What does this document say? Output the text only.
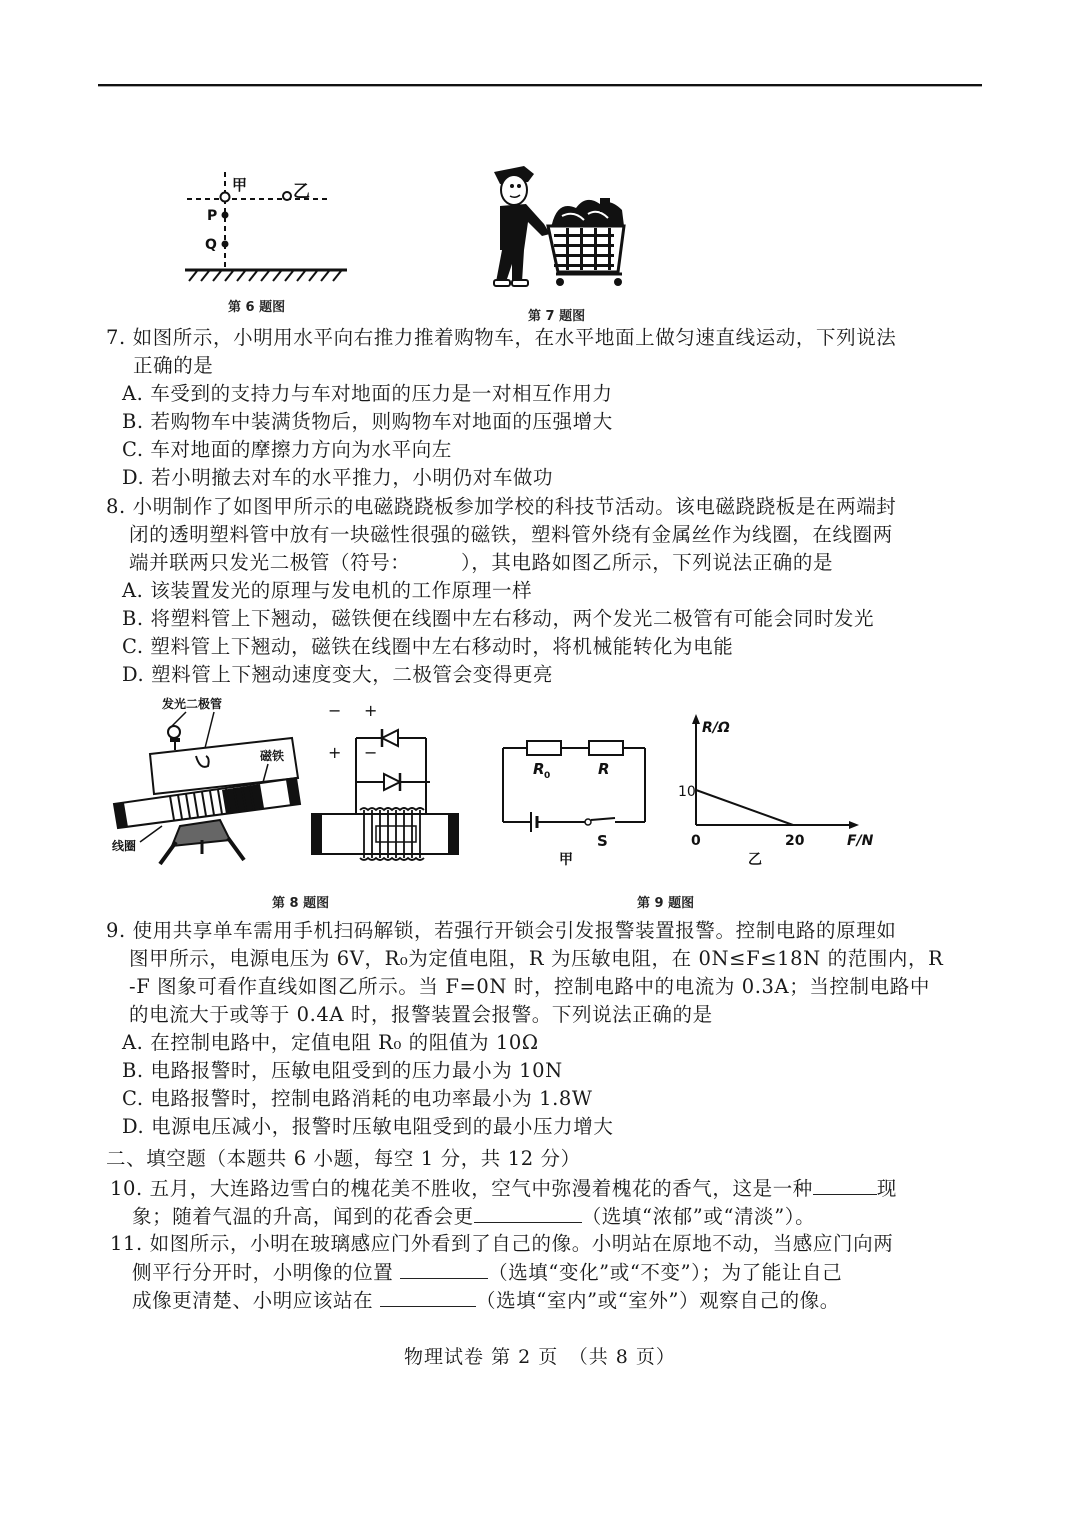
甲	乙
P
Q
第 6 题图
第 7 题图
7. 如图所示，小明用水平向右推力推着购物车，在水平地面上做匀速直线运动，下列说法
正确的是
A. 车受到的支持力与车对地面的压力是一对相互作用力
B. 若购物车中装满货物后，则购物车对地面的压强增大
C. 车对地面的摩擦力方向为水平向左
D. 若小明撤去对车的水平推力，小明仍对车做功
8. 小明制作了如图甲所示的电磁跷跷板参加学校的科技节活动。该电磁跷跷板是在两端封
闭的透明塑料管中放有一块磁性很强的磁铁，塑料管外绕有金属丝作为线圈，在线圈两
端并联两只发光二极管（符号：　　　），其电路如图乙所示，下列说法正确的是
A. 该装置发光的原理与发电机的工作原理一样
B. 将塑料管上下翘动，磁铁便在线圈中左右移动，两个发光二极管有可能会同时发光
C. 塑料管上下翘动，磁铁在线圈中左右移动时，将机械能转化为电能
D. 塑料管上下翘动速度变大，二极管会变得更亮
发光二极管
磁铁
线圈
− +
+ −
第 8 题图
R 0	R
S
甲
R/Ω
10
0	20	F/N
乙
第 9 题图
9. 使用共享单车需用手机扫码解锁，若强行开锁会引发报警装置报警。控制电路的原理如
图甲所示，电源电压为 6V，R₀为定值电阻，R 为压敏电阻，在 0N≤F≤18N 的范围内，R
-F 图象可看作直线如图乙所示。当 F=0N 时，控制电路中的电流为 0.3A；当控制电路中
的电流大于或等于 0.4A 时，报警装置会报警。下列说法正确的是
A. 在控制电路中，定值电阻 R₀ 的阻值为 10Ω
B. 电路报警时，压敏电阻受到的压力最小为 10N
C. 电路报警时，控制电路消耗的电功率最小为 1.8W
D. 电源电压减小，报警时压敏电阻受到的最小压力增大
二、填空题（本题共 6 小题，每空 1 分，共 12 分）
10. 五月，大连路边雪白的槐花美不胜收，空气中弥漫着槐花的香气，这是一种	现
象；随着气温的升高，闻到的花香会更	（选填“浓郁”或“清淡”）。
11. 如图所示，小明在玻璃感应门外看到了自己的像。小明站在原地不动，当感应门向两
侧平行分开时，小明像的位置	（选填“变化”或“不变”）；为了能让自己
成像更清楚、小明应该站在	（选填“室内”或“室外”）观察自己的像。
物理试卷 第 2 页　（共 8 页）
